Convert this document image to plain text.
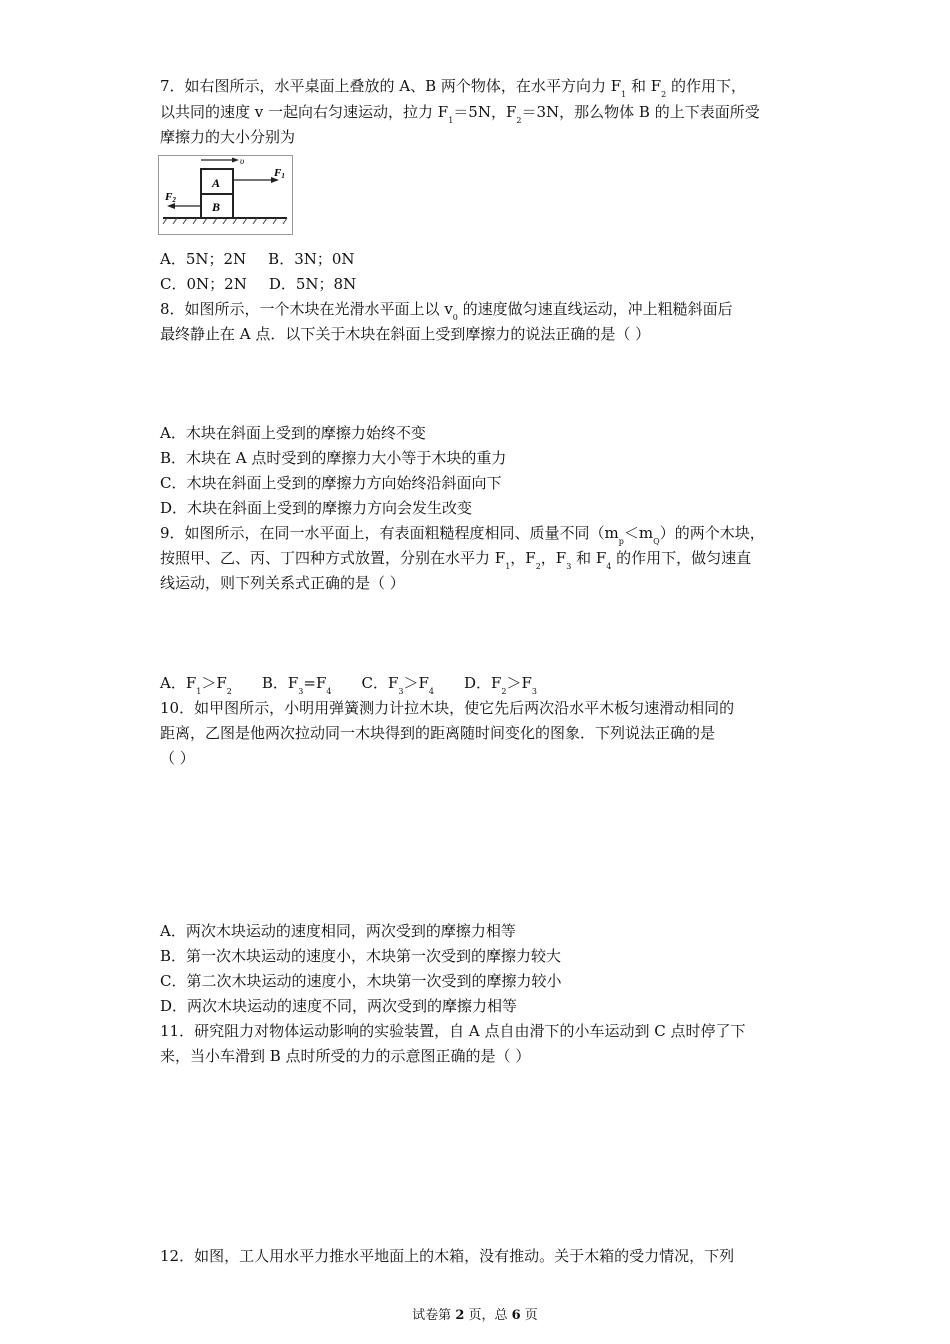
7．如右图所示，水平桌面上叠放的 A、B 两个物体，在水平方向力 $F_1$ 和 $F_2$ 的作用下，
以共同的速度 v 一起向右匀速运动，拉力 $F_1=5N$，$F_2=3N$，那么物体 B 的上下表面所受
摩擦力的大小分别为
A
B
υ
F1
F2
A．5N；2N B．3N；0N
C．0N；2N D．5N；8N
8．如图所示，一个木块在光滑水平面上以 $v_0$ 的速度做匀速直线运动，冲上粗糙斜面后
最终静止在 A 点．以下关于木块在斜面上受到摩擦力的说法正确的是（ ）
A．木块在斜面上受到的摩擦力始终不变
B．木块在 A 点时受到的摩擦力大小等于木块的重力
C．木块在斜面上受到的摩擦力方向始终沿斜面向下
D．木块在斜面上受到的摩擦力方向会发生改变
9．如图所示，在同一水平面上，有表面粗糙程度相同、质量不同$(m_p<m_Q)$的两个木块，
按照甲、乙、丙、丁四种方式放置，分别在水平力 $F_1$，$F_2$，$F_3$ 和 $F_4$ 的作用下，做匀速直
线运动，则下列关系式正确的是（ ）
A．$F_1>F_2$ B．$F_3=F_4$ C．$F_3>F_4$ D．$F_2>F_3$
10．如甲图所示，小明用弹簧测力计拉木块，使它先后两次沿水平木板匀速滑动相同的
距离，乙图是他两次拉动同一木块得到的距离随时间变化的图象．下列说法正确的是
（ ）
A．两次木块运动的速度相同，两次受到的摩擦力相等
B．第一次木块运动的速度小，木块第一次受到的摩擦力较大
C．第二次木块运动的速度小，木块第一次受到的摩擦力较小
D．两次木块运动的速度不同，两次受到的摩擦力相等
11．研究阻力对物体运动影响的实验装置，自 A 点自由滑下的小车运动到 C 点时停了下
来，当小车滑到 B 点时所受的力的示意图正确的是（ ）
12．如图，工人用水平力推水平地面上的木箱，没有推动。关于木箱的受力情况，下列
试卷第 2 页，总 6 页
